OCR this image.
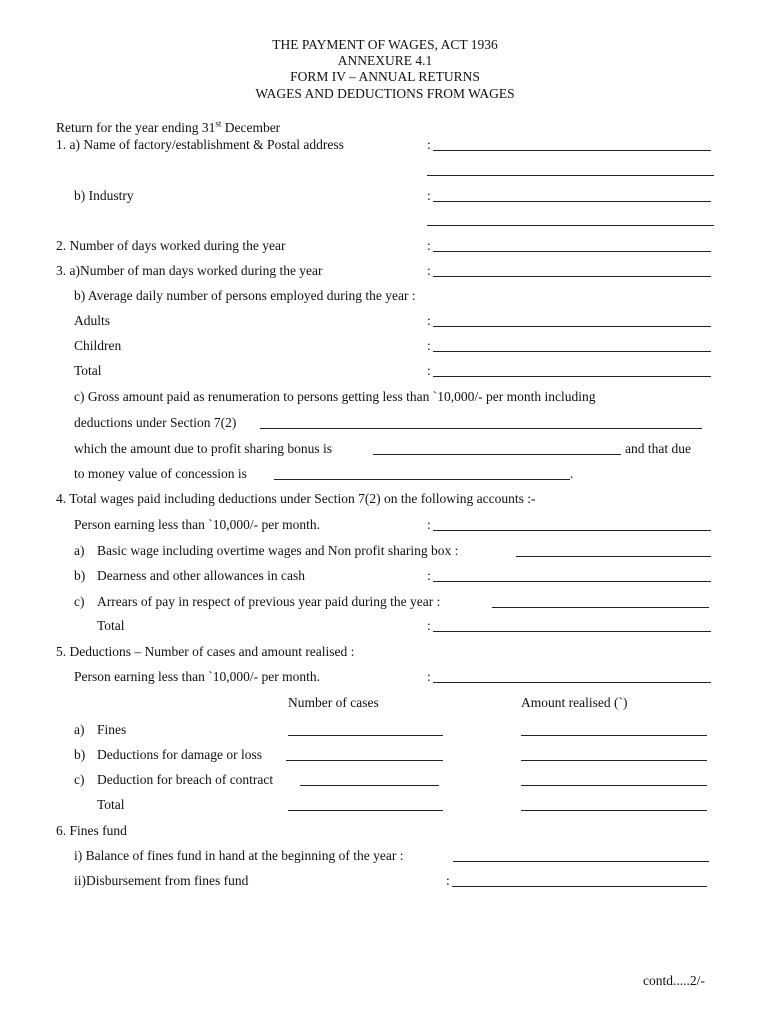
THE PAYMENT OF WAGES, ACT 1936
ANNEXURE 4.1
FORM IV – ANNUAL RETURNS
WAGES AND DEDUCTIONS FROM WAGES
Return for the year ending 31st December
1. a) Name of factory/establishment & Postal address	:
b) Industry	:
2. Number of days worked during the year	:
3. a)Number of man days worked during the year	:
b) Average daily number of persons employed during the year :
Adults	:
Children	:
Total	:
c) Gross amount paid as renumeration to persons getting less than `10,000/- per month including
deductions under Section 7(2)
which the amount due to profit sharing bonus is	and that due
to money value of concession is	.
4. Total wages paid including deductions under Section 7(2) on the following accounts :-
Person earning less than `10,000/- per month.	:
a) Basic wage including overtime wages and Non profit sharing box :
b) Dearness and other allowances in cash	:
c) Arrears of pay in respect of previous year paid during the year :
Total	:
5. Deductions – Number of cases and amount realised :
Person earning less than `10,000/- per month.	:
Number of cases	Amount realised (`)
a) Fines
b) Deductions for damage or loss
c) Deduction for breach of contract
Total
6. Fines fund
i) Balance of fines fund in hand at the beginning of the year :
ii)Disbursement from fines fund	:
contd.....2/-
